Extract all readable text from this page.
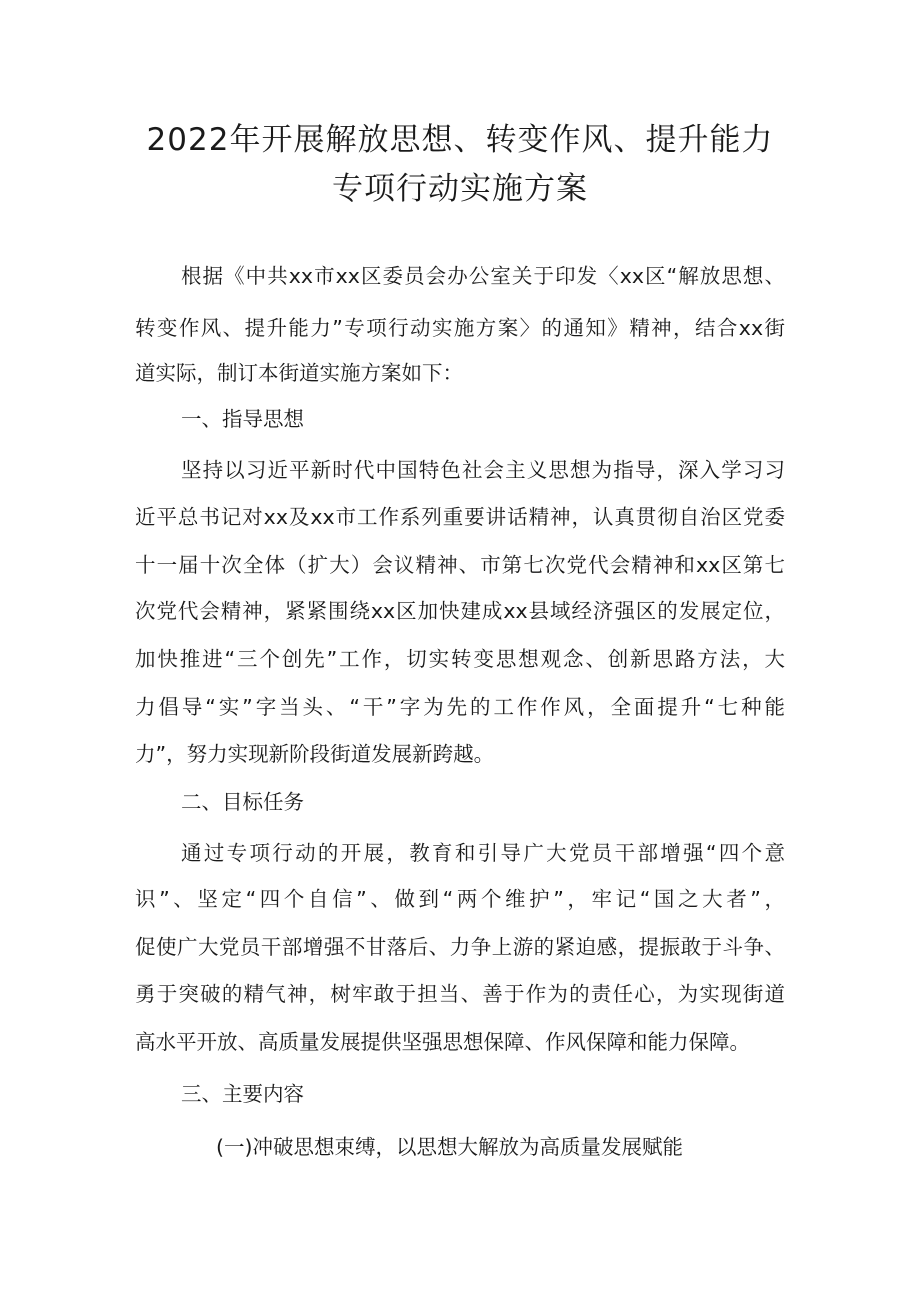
2022年开展解放思想、转变作风、提升能力
专项行动实施方案

根据《中共xx市xx区委员会办公室关于印发〈xx区“解放思想、

转变作风、提升能力”专项行动实施方案〉的通知》精神，结合xx街

道实际，制订本街道实施方案如下：

一、指导思想

坚持以习近平新时代中国特色社会主义思想为指导，深入学习习

近平总书记对xx及xx市工作系列重要讲话精神，认真贯彻自治区党委

十一届十次全体（扩大）会议精神、市第七次党代会精神和xx区第七

次党代会精神，紧紧围绕xx区加快建成xx县域经济强区的发展定位，

加快推进“三个创先”工作，切实转变思想观念、创新思路方法，大

力倡导“实”字当头、“干”字为先的工作作风，全面提升“七种能

力”，努力实现新阶段街道发展新跨越。

二、目标任务

通过专项行动的开展，教育和引导广大党员干部增强“四个意

识”、坚定“四个自信”、做到“两个维护”，牢记“国之大者”，

促使广大党员干部增强不甘落后、力争上游的紧迫感，提振敢于斗争、

勇于突破的精气神，树牢敢于担当、善于作为的责任心，为实现街道

高水平开放、高质量发展提供坚强思想保障、作风保障和能力保障。

三、主要内容

(一)冲破思想束缚，以思想大解放为高质量发展赋能
